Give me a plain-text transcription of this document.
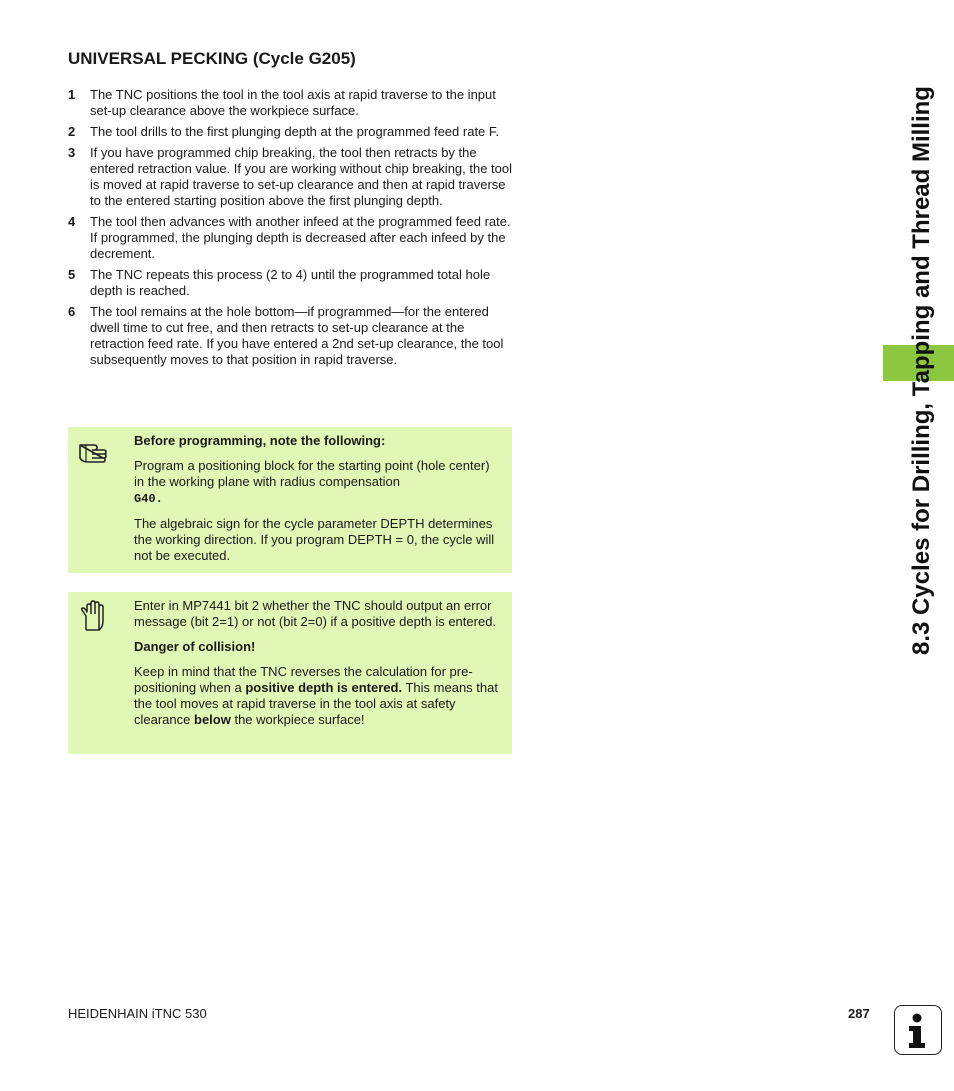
UNIVERSAL PECKING (Cycle G205)
1 The TNC positions the tool in the tool axis at rapid traverse to the input set-up clearance above the workpiece surface.
2 The tool drills to the first plunging depth at the programmed feed rate F.
3 If you have programmed chip breaking, the tool then retracts by the entered retraction value. If you are working without chip breaking, the tool is moved at rapid traverse to set-up clearance and then at rapid traverse to the entered starting position above the first plunging depth.
4 The tool then advances with another infeed at the programmed feed rate. If programmed, the plunging depth is decreased after each infeed by the decrement.
5 The TNC repeats this process (2 to 4) until the programmed total hole depth is reached.
6 The tool remains at the hole bottom—if programmed—for the entered dwell time to cut free, and then retracts to set-up clearance at the retraction feed rate. If you have entered a 2nd set-up clearance, the tool subsequently moves to that position in rapid traverse.

Before programming, note the following:

Program a positioning block for the starting point (hole center) in the working plane with radius compensation
G40.

The algebraic sign for the cycle parameter DEPTH determines the working direction. If you program DEPTH = 0, the cycle will not be executed.

Enter in MP7441 bit 2 whether the TNC should output an error message (bit 2=1) or not (bit 2=0) if a positive depth is entered.

Danger of collision!

Keep in mind that the TNC reverses the calculation for pre-positioning when a positive depth is entered. This means that the tool moves at rapid traverse in the tool axis at safety clearance below the workpiece surface!

8.3 Cycles for Drilling, Tapping and Thread Milling
HEIDENHAIN iTNC 530	287
